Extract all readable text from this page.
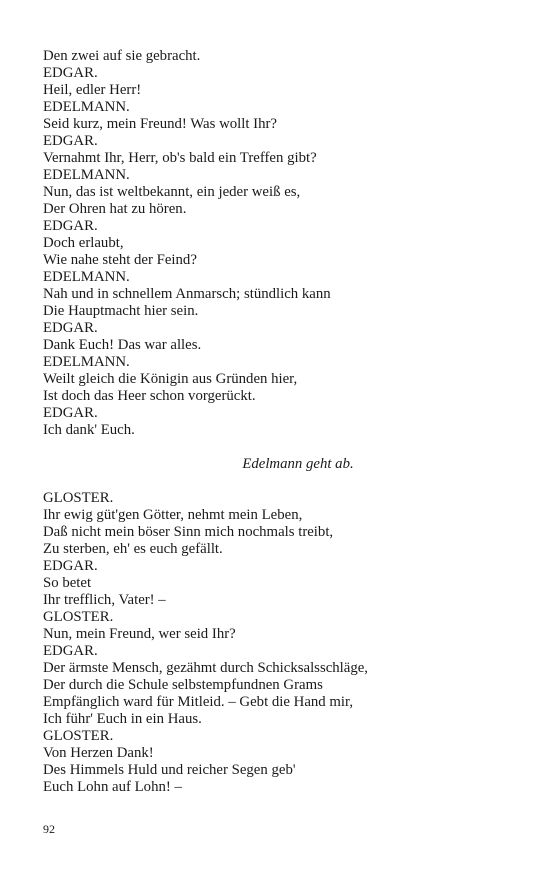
Den zwei auf sie gebracht.
EDGAR.
Heil, edler Herr!
EDELMANN.
Seid kurz, mein Freund! Was wollt Ihr?
EDGAR.
Vernahmt Ihr, Herr, ob's bald ein Treffen gibt?
EDELMANN.
Nun, das ist weltbekannt, ein jeder weiß es,
Der Ohren hat zu hören.
EDGAR.
Doch erlaubt,
Wie nahe steht der Feind?
EDELMANN.
Nah und in schnellem Anmarsch; stündlich kann
Die Hauptmacht hier sein.
EDGAR.
Dank Euch! Das war alles.
EDELMANN.
Weilt gleich die Königin aus Gründen hier,
Ist doch das Heer schon vorgerückt.
EDGAR.
Ich dank' Euch.
Edelmann geht ab.
GLOSTER.
Ihr ewig güt'gen Götter, nehmt mein Leben,
Daß nicht mein böser Sinn mich nochmals treibt,
Zu sterben, eh' es euch gefällt.
EDGAR.
So betet
Ihr trefflich, Vater! –
GLOSTER.
Nun, mein Freund, wer seid Ihr?
EDGAR.
Der ärmste Mensch, gezähmt durch Schicksalsschläge,
Der durch die Schule selbstempfundnen Grams
Empfänglich ward für Mitleid. – Gebt die Hand mir,
Ich führ' Euch in ein Haus.
GLOSTER.
Von Herzen Dank!
Des Himmels Huld und reicher Segen geb'
Euch Lohn auf Lohn! –
92
